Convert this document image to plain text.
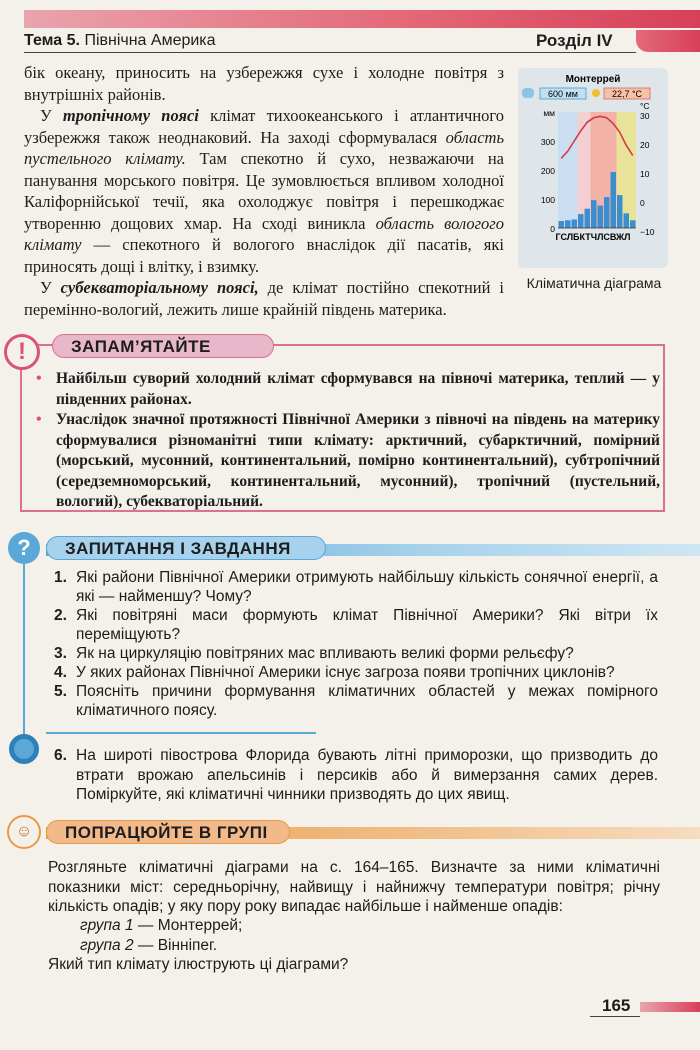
Тема 5. Північна Америка	Розділ IV

бік океану, приносить на узбережжя сухе і холодне повітря з внутрішніх районів.

У тропічному поясі клімат тихоокеанського і атлантичного узбережжя також неоднаковий. На заході сформувалася область пустельного клімату. Там спекотно й сухо, незважаючи на панування морського повітря. Це зумовлюється впливом холодної Каліфорнійської течії, яка охолоджує повітря і перешкоджає утворенню дощових хмар. На сході виникла область вологого клімату — спекотного й вологого внаслідок дії пасатів, які приносять дощі і влітку, і взимку.

У субекваторіальному поясі, де клімат постійно спекотний і перемінно-вологий, лежить лише крайній південь материка.

Монтеррей
600 мм	22,7 °С
мм
300
200
100
0
°С
30
20
10
0
−10
ГСЛБКТЧЛСВЖЛ
Кліматична діаграма
!	ЗАПАМ’ЯТАЙТЕ
• Найбільш суворий холодний клімат сформувався на півночі материка, теплий — у південних районах.
• Унаслідок значної протяжності Північної Америки з півночі на південь на материку сформувалися різноманітні типи клімату: арктичний, субарктичний, помірний (морський, мусонний, континентальний, помірно континентальний), субтропічний (середземноморський, континентальний, мусонний), тропічний (пустельний, вологий), субекваторіальний.
?	ЗАПИТАННЯ І ЗАВДАННЯ
1. Які райони Північної Америки отримують найбільшу кількість сонячної енергії, а які — найменшу? Чому?
2. Які повітряні маси формують клімат Північної Америки? Які вітри їх переміщують?
3. Як на циркуляцію повітряних мас впливають великі форми рельєфу?
4. У яких районах Північної Америки існує загроза появи тропічних циклонів?
5. Поясніть причини формування кліматичних областей у межах помірного кліматичного поясу.
6. На широті півострова Флорида бувають літні приморозки, що призводить до втрати врожаю апельсинів і персиків або й вимерзання самих дерев. Поміркуйте, які кліматичні чинники призводять до цих явищ.
☺	ПОПРАЦЮЙТЕ В ГРУПІ
Розгляньте кліматичні діаграми на с. 164–165. Визначте за ними кліматичні показники міст: середньорічну, найвищу і найнижчу температури повітря; річну кількість опадів; у яку пору року випадає найбільше і найменше опадів:
група 1 — Монтеррей;
група 2 — Вінніпег.
Який тип клімату ілюструють ці діаграми?
165
